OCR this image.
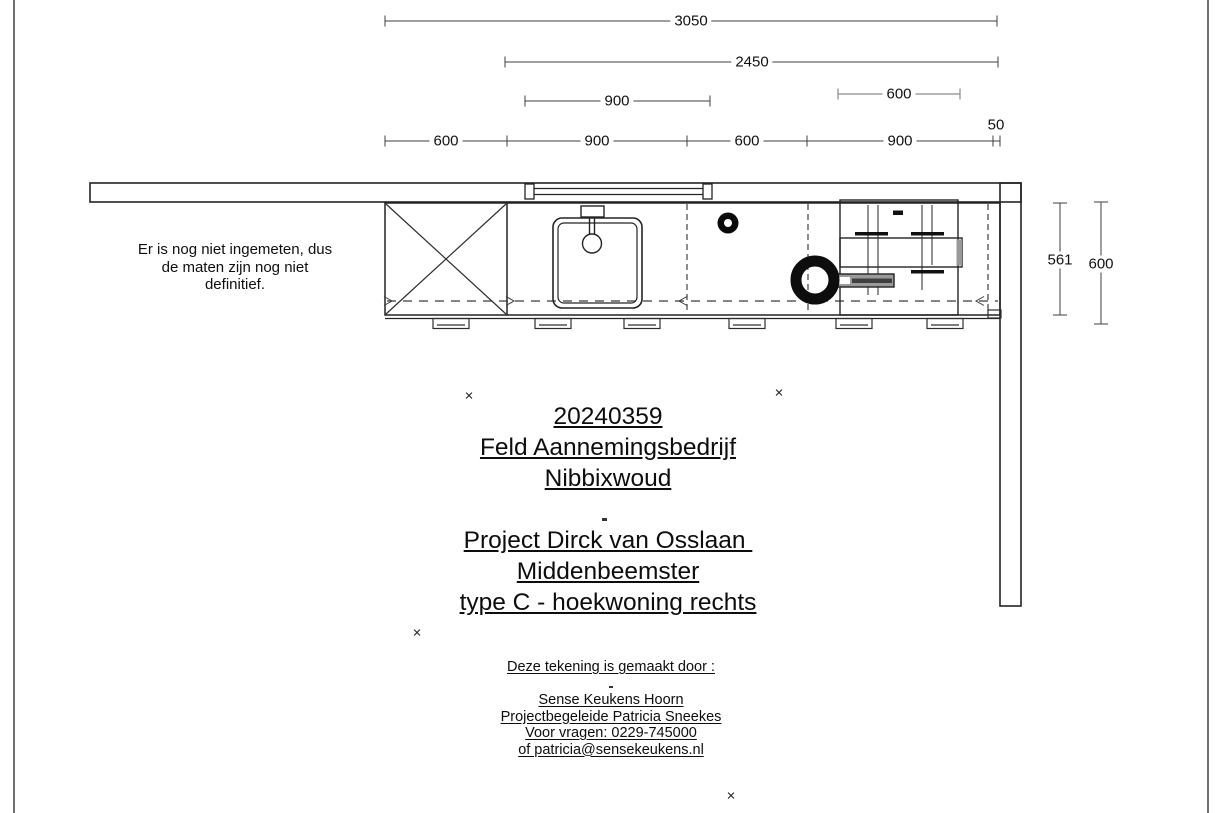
3050
2450
900	600
600	900	600	900
50
561 600
Er is nog niet ingemeten, dus
de maten zijn nog niet
definitief.
20240359
Feld Aannemingsbedrijf
Nibbixwoud
Project Dirck van Osslaan
Middenbeemster
type C - hoekwoning rechts
Deze tekening is gemaakt door :
Sense Keukens Hoorn
Projectbegeleide Patricia Sneekes
Voor vragen: 0229-745000
of patricia@sensekeukens.nl
×	×
×
×
